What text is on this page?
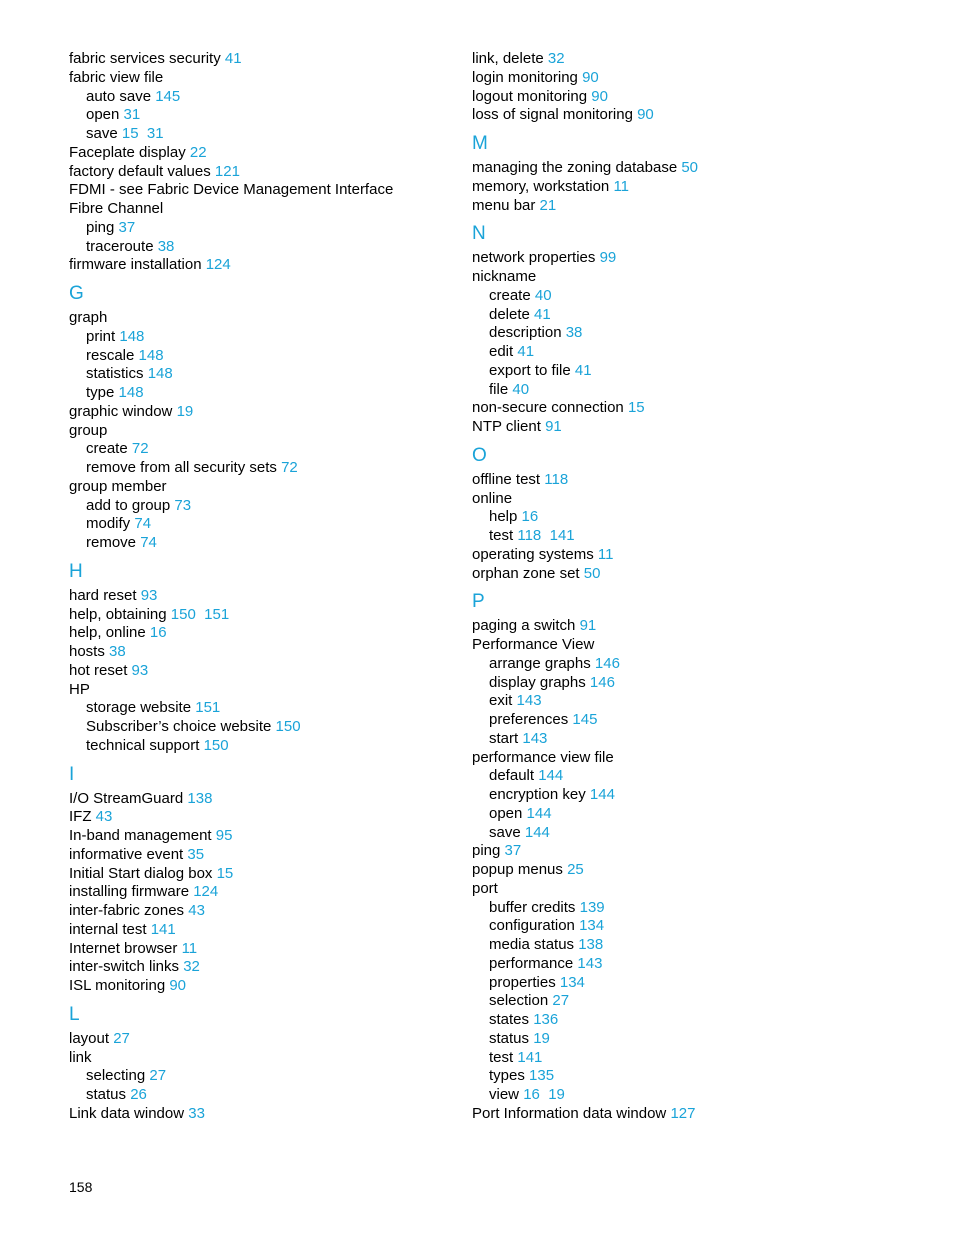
fabric services security 41
fabric view file
auto save 145
open 31
save 15 31
Faceplate display 22
factory default values 121
FDMI - see Fabric Device Management Interface
Fibre Channel
ping 37
traceroute 38
firmware installation 124
G
graph
print 148
rescale 148
statistics 148
type 148
graphic window 19
group
create 72
remove from all security sets 72
group member
add to group 73
modify 74
remove 74
H
hard reset 93
help, obtaining 150 151
help, online 16
hosts 38
hot reset 93
HP
storage website 151
Subscriber’s choice website 150
technical support 150
I
I/O StreamGuard 138
IFZ 43
In-band management 95
informative event 35
Initial Start dialog box 15
installing firmware 124
inter-fabric zones 43
internal test 141
Internet browser 11
inter-switch links 32
ISL monitoring 90
L
layout 27
link
selecting 27
status 26
Link data window 33
link, delete 32
login monitoring 90
logout monitoring 90
loss of signal monitoring 90
M
managing the zoning database 50
memory, workstation 11
menu bar 21
N
network properties 99
nickname
create 40
delete 41
description 38
edit 41
export to file 41
file 40
non-secure connection 15
NTP client 91
O
offline test 118
online
help 16
test 118 141
operating systems 11
orphan zone set 50
P
paging a switch 91
Performance View
arrange graphs 146
display graphs 146
exit 143
preferences 145
start 143
performance view file
default 144
encryption key 144
open 144
save 144
ping 37
popup menus 25
port
buffer credits 139
configuration 134
media status 138
performance 143
properties 134
selection 27
states 136
status 19
test 141
types 135
view 16 19
Port Information data window 127
158
